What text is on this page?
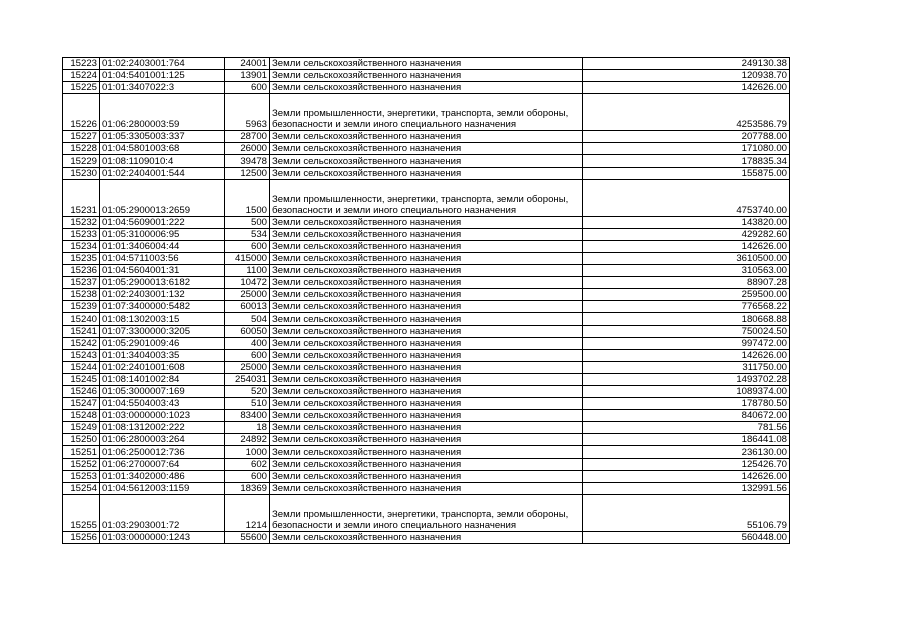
15223	01:02:2403001:764	24001	Земли сельскохозяйственного назначения	249130.38
15224	01:04:5401001:125	13901	Земли сельскохозяйственного назначения	120938.70
15225	01:01:3407022:3	600	Земли сельскохозяйственного назначения	142626.00
15226	01:06:2800003:59	5963	Земли промышленности, энергетики, транспорта, земли обороны, безопасности и земли иного специального назначения	4253586.79
15227	01:05:3305003:337	28700	Земли сельскохозяйственного назначения	207788.00
15228	01:04:5801003:68	26000	Земли сельскохозяйственного назначения	171080.00
15229	01:08:1109010:4	39478	Земли сельскохозяйственного назначения	178835.34
15230	01:02:2404001:544	12500	Земли сельскохозяйственного назначения	155875.00
15231	01:05:2900013:2659	1500	Земли промышленности, энергетики, транспорта, земли обороны, безопасности и земли иного специального назначения	4753740.00
15232	01:04:5609001:222	500	Земли сельскохозяйственного назначения	143820.00
15233	01:05:3100006:95	534	Земли сельскохозяйственного назначения	429282.60
15234	01:01:3406004:44	600	Земли сельскохозяйственного назначения	142626.00
15235	01:04:5711003:56	415000	Земли сельскохозяйственного назначения	3610500.00
15236	01:04:5604001:31	1100	Земли сельскохозяйственного назначения	310563.00
15237	01:05:2900013:6182	10472	Земли сельскохозяйственного назначения	88907.28
15238	01:02:2403001:132	25000	Земли сельскохозяйственного назначения	259500.00
15239	01:07:3400000:5482	60013	Земли сельскохозяйственного назначения	776568.22
15240	01:08:1302003:15	504	Земли сельскохозяйственного назначения	180668.88
15241	01:07:3300000:3205	60050	Земли сельскохозяйственного назначения	750024.50
15242	01:05:2901009:46	400	Земли сельскохозяйственного назначения	997472.00
15243	01:01:3404003:35	600	Земли сельскохозяйственного назначения	142626.00
15244	01:02:2401001:608	25000	Земли сельскохозяйственного назначения	311750.00
15245	01:08:1401002:84	254031	Земли сельскохозяйственного назначения	1493702.28
15246	01:05:3000007:169	520	Земли сельскохозяйственного назначения	1089374.00
15247	01:04:5504003:43	510	Земли сельскохозяйственного назначения	178780.50
15248	01:03:0000000:1023	83400	Земли сельскохозяйственного назначения	840672.00
15249	01:08:1312002:222	18	Земли сельскохозяйственного назначения	781.56
15250	01:06:2800003:264	24892	Земли сельскохозяйственного назначения	186441.08
15251	01:06:2500012:736	1000	Земли сельскохозяйственного назначения	236130.00
15252	01:06:2700007:64	602	Земли сельскохозяйственного назначения	125426.70
15253	01:01:3402000:486	600	Земли сельскохозяйственного назначения	142626.00
15254	01:04:5612003:1159	18369	Земли сельскохозяйственного назначения	132991.56
15255	01:03:2903001:72	1214	Земли промышленности, энергетики, транспорта, земли обороны, безопасности и земли иного специального назначения	55106.79
15256	01:03:0000000:1243	55600	Земли сельскохозяйственного назначения	560448.00
